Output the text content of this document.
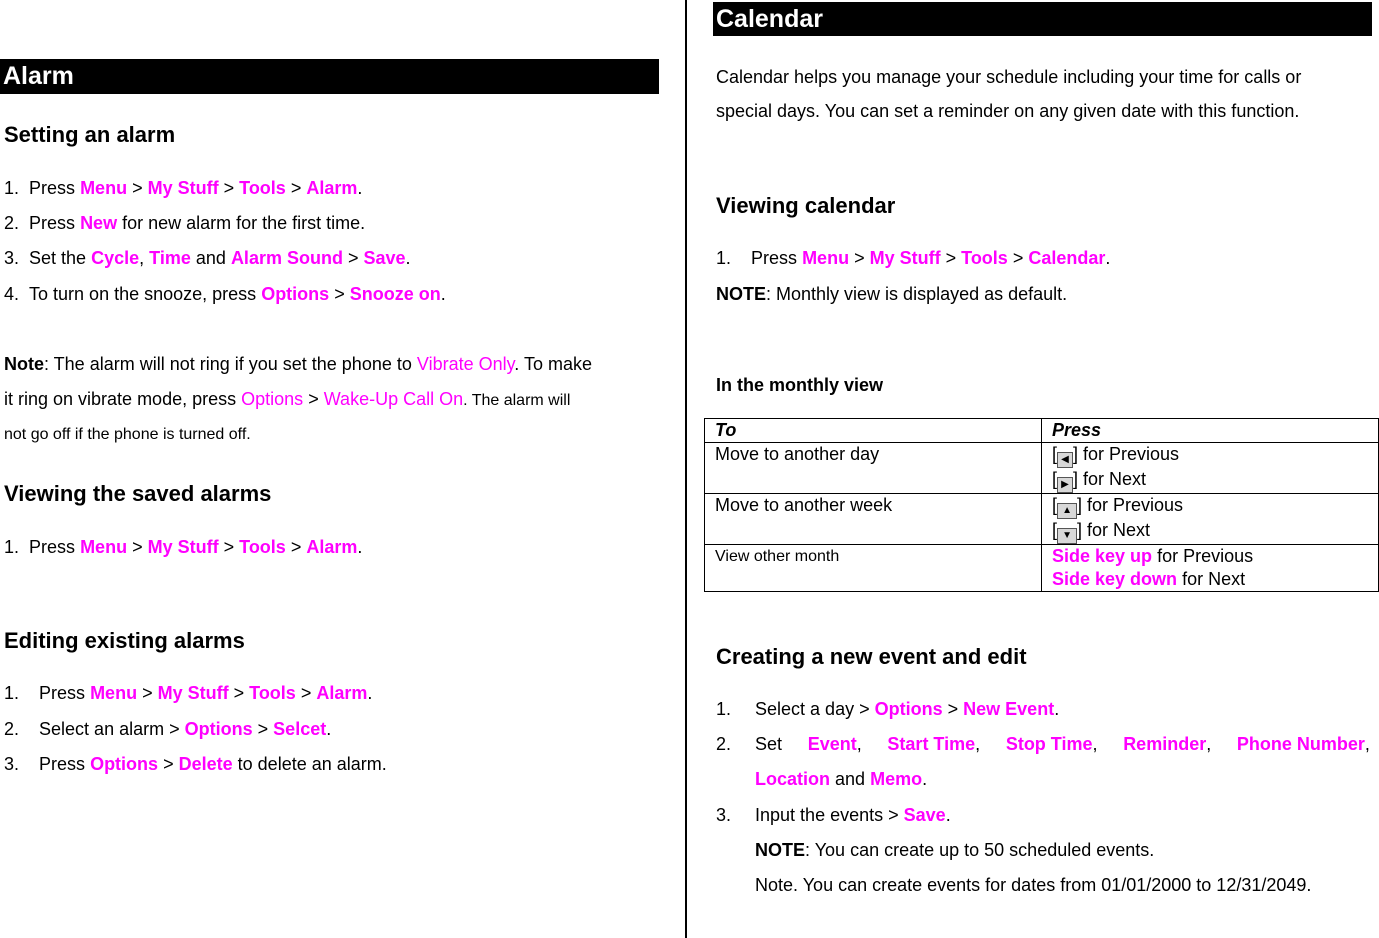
Alarm
Setting an alarm
1. Press Menu > My Stuff > Tools > Alarm.
2. Press New for new alarm for the first time.
3. Set the Cycle, Time and Alarm Sound > Save.
4. To turn on the snooze, press Options > Snooze on.
Note: The alarm will not ring if you set the phone to Vibrate Only. To make
it ring on vibrate mode, press Options > Wake-Up Call On. The alarm will
not go off if the phone is turned off.
Viewing the saved alarms
1. Press Menu > My Stuff > Tools > Alarm.
Editing existing alarms
1. Press Menu > My Stuff > Tools > Alarm.
2. Select an alarm > Options > Selcet.
3. Press Options > Delete to delete an alarm.
Calendar
Calendar helps you manage your schedule including your time for calls or
special days. You can set a reminder on any given date with this function.
Viewing calendar
1. Press Menu > My Stuff > Tools > Calendar.
NOTE: Monthly view is displayed as default.
In the monthly view
To	Press
Move to another day	[ ◀ ] for Previous
[ ▶ ] for Next
Move to another week	[ ▲ ] for Previous
[ ▼ ] for Next
View other month	Side key up for Previous
Side key down for Next
Creating a new event and edit
1. Select a day > Options > New Event.
2. Set Event, Start Time, Stop Time, Reminder, Phone Number,
Location and Memo.
3. Input the events > Save.
NOTE: You can create up to 50 scheduled events.
Note. You can create events for dates from 01/01/2000 to 12/31/2049.
